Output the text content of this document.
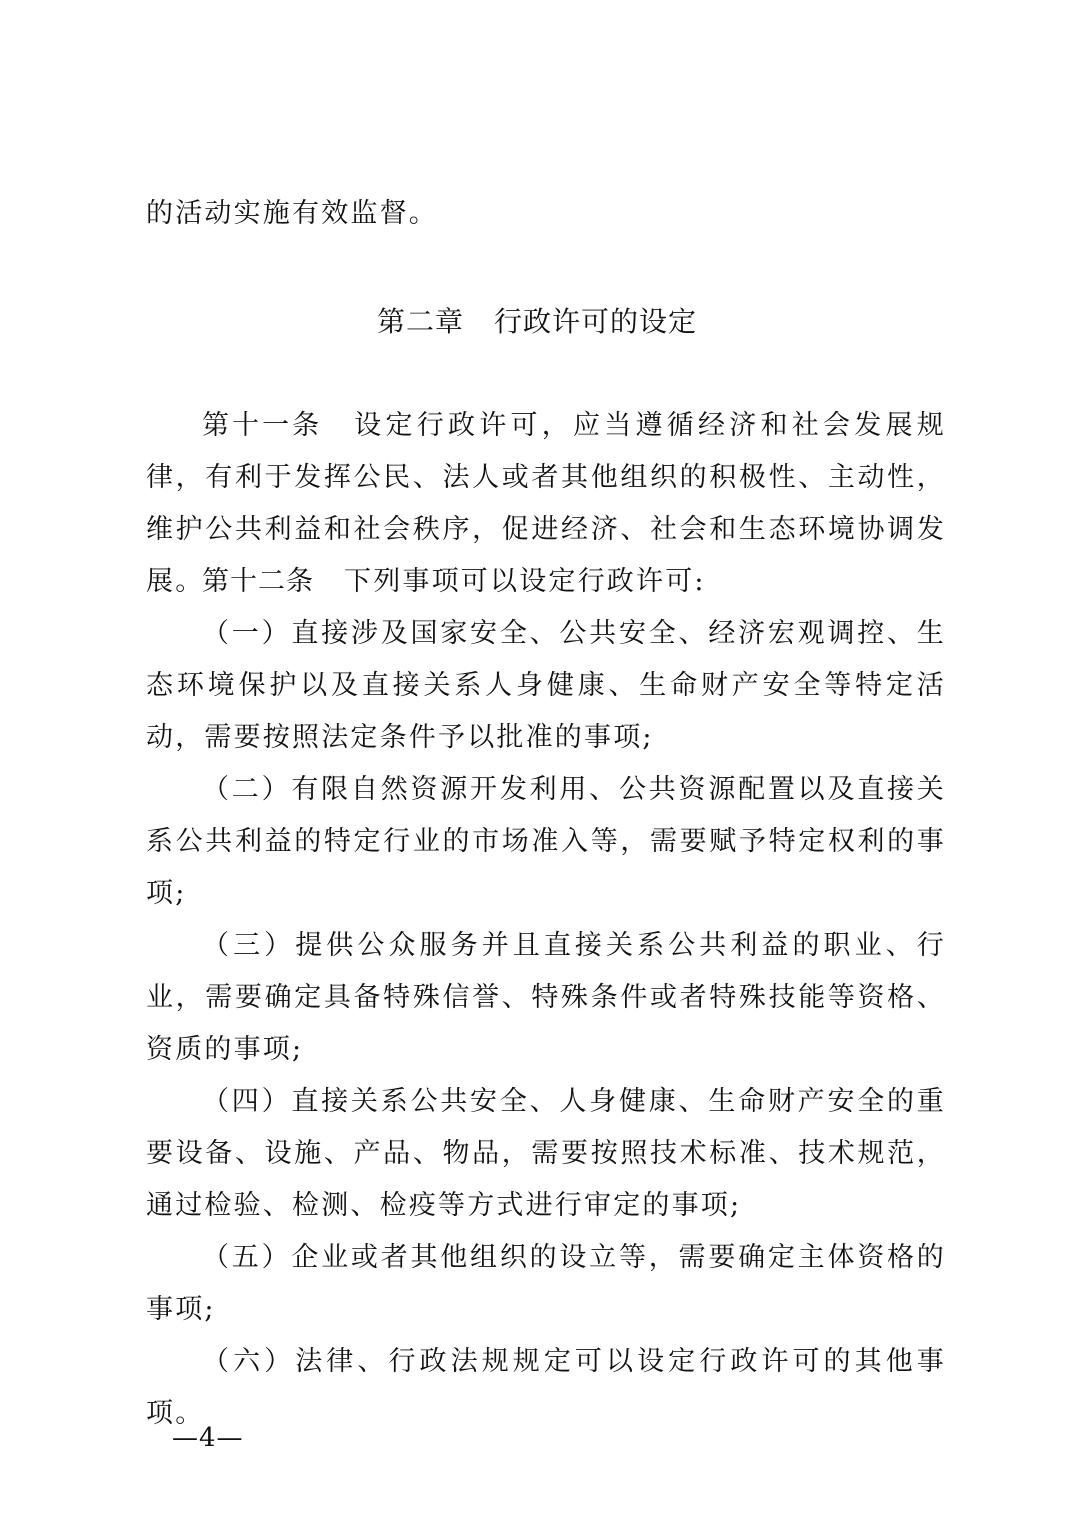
的活动实施有效监督。

第二章 行政许可的设定

第十一条 设定行政许可，应当遵循经济和社会发展规律，有利于发挥公民、法人或者其他组织的积极性、主动性，维护公共利益和社会秩序，促进经济、社会和生态环境协调发展。

第十二条 下列事项可以设定行政许可:

（一）直接涉及国家安全、公共安全、经济宏观调控、生态环境保护以及直接关系人身健康、生命财产安全等特定活动，需要按照法定条件予以批准的事项;

（二）有限自然资源开发利用、公共资源配置以及直接关系公共利益的特定行业的市场准入等，需要赋予特定权利的事项;

（三）提供公众服务并且直接关系公共利益的职业、行业，需要确定具备特殊信誉、特殊条件或者特殊技能等资格、资质的事项;

（四）直接关系公共安全、人身健康、生命财产安全的重要设备、设施、产品、物品，需要按照技术标准、技术规范，通过检验、检测、检疫等方式进行审定的事项;

（五）企业或者其他组织的设立等，需要确定主体资格的事项;

（六）法律、行政法规规定可以设定行政许可的其他事项。

—4—
